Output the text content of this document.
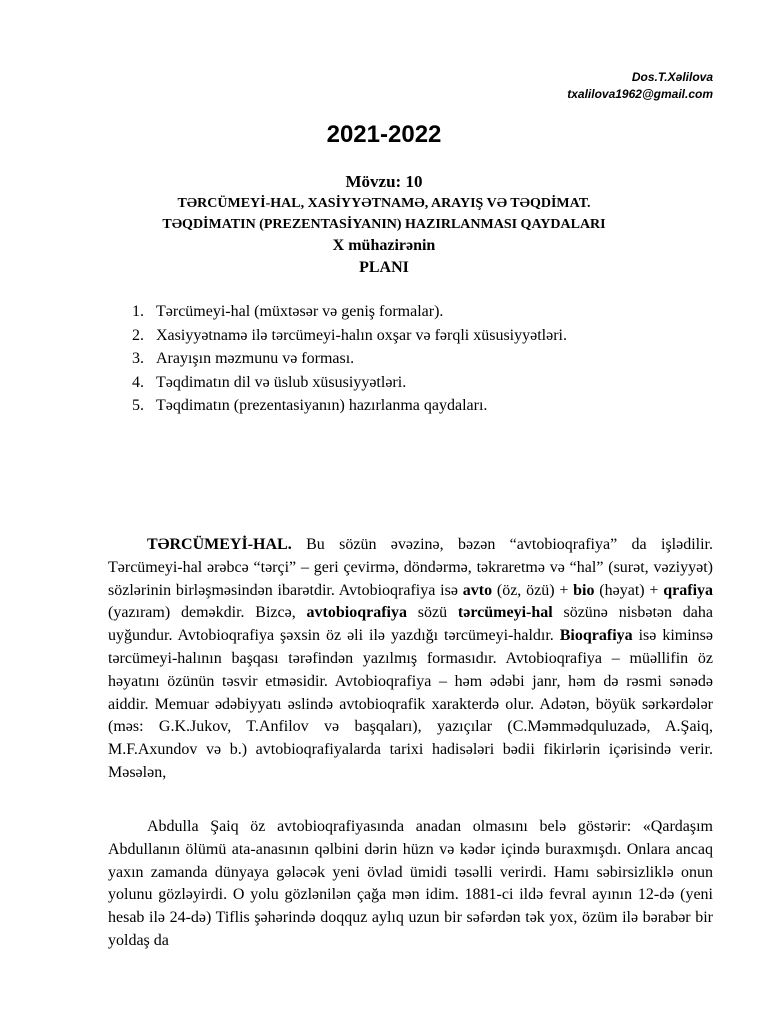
Dos.T.Xəlilova
txalilova1962@gmail.com
2021-2022
Mövzu: 10
TƏRCÜMEYİ-HAL, XASİYYƏTNAMƏ, ARAYIŞ VƏ TƏQDİMAT.
TƏQDİMATIN (PREZENTASİYANIN) HAZIRLANMASI QAYDALARI
X mühazirənin
PLANI
1. Tərcümeyi-hal (müxtəsər və geniş formalar).
2. Xasiyyətnamə ilə tərcümeyi-halın oxşar və fərqli xüsusiyyətləri.
3. Arayışın məzmunu və forması.
4. Təqdimatın dil və üslub xüsusiyyətləri.
5. Təqdimatın (prezentasiyanın) hazırlanma qaydaları.

TƏRCÜMEYİ-HAL. Bu sözün əvəzinə, bəzən “avtobioqrafiya” da işlədilir. Tərcümeyi-hal ərəbcə “tərçi” – geri çevirmə, döndərmə, təkraretmə və “hal” (surət, vəziyyət) sözlərinin birləşməsindən ibarətdir. Avtobioqrafiya isə avto (öz, özü) + bio (həyat) + qrafiya (yazıram) deməkdir. Bizcə, avtobioqrafiya sözü tərcümeyi-hal sözünə nisbətən daha uyğundur. Avtobioqrafiya şəxsin öz əli ilə yazdığı tərcümeyi-haldır. Bioqrafiya isə kiminsə tərcümeyi-halının başqası tərəfindən yazılmış formasıdır. Avtobioqrafiya – müəllifin öz həyatını özünün təsvir etməsidir. Avtobioqrafiya – həm ədəbi janr, həm də rəsmi sənədə aiddir. Memuar ədəbiyyatı əslində avtobioqrafik xarakterdə olur. Adətən, böyük sərkərdələr (məs: G.K.Jukov, T.Anfilov və başqaları), yazıçılar (C.Məmmədquluzadə, A.Şaiq, M.F.Axundov və b.) avtobioqrafiyalarda tarixi hadisələri bədii fikirlərin içərisində verir. Məsələn,

Abdulla Şaiq öz avtobioqrafiyasında anadan olmasını belə göstərir: «Qardaşım Abdullanın ölümü ata-anasının qəlbini dərin hüzn və kədər içində buraxmışdı. Onlara ancaq yaxın zamanda dünyaya gələcək yeni övlad ümidi təsəlli verirdi. Hamı səbirsizliklə onun yolunu gözləyirdi. O yolu gözlənilən çağa mən idim. 1881-ci ildə fevral ayının 12-də (yeni hesab ilə 24-də) Tiflis şəhərində doqquz aylıq uzun bir səfərdən tək yox, özüm ilə bərabər bir yoldaş da
